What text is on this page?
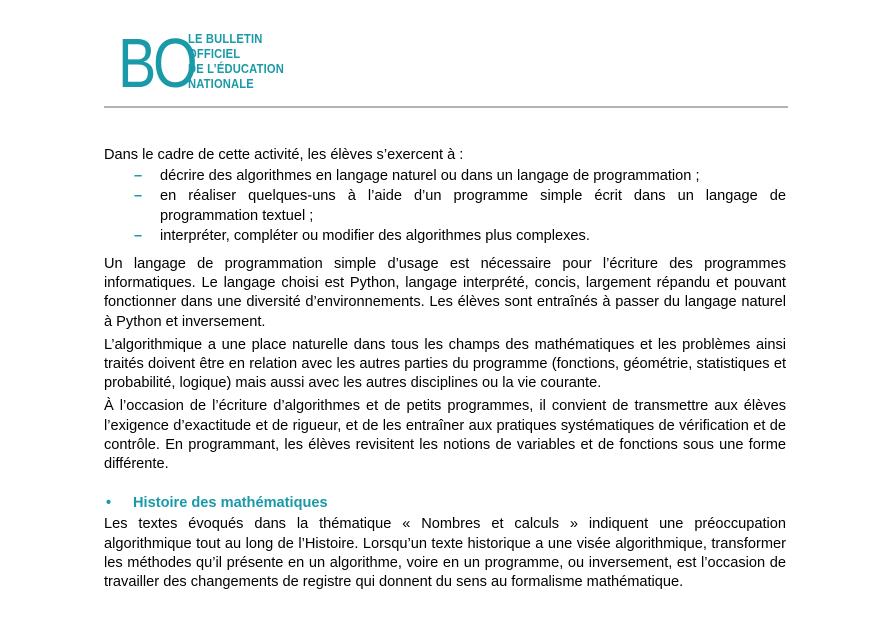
BO
LE BULLETIN
OFFICIEL
DE L’ÉDUCATION
NATIONALE

Dans le cadre de cette activité, les élèves s’exercent à :

– décrire des algorithmes en langage naturel ou dans un langage de programmation ;
– en réaliser quelques-uns à l’aide d’un programme simple écrit dans un langage de programmation textuel ;
– interpréter, compléter ou modifier des algorithmes plus complexes.

Un langage de programmation simple d’usage est nécessaire pour l’écriture des programmes informatiques. Le langage choisi est Python, langage interprété, concis, largement répandu et pouvant fonctionner dans une diversité d’environnements. Les élèves sont entraînés à passer du langage naturel à Python et inversement.

L’algorithmique a une place naturelle dans tous les champs des mathématiques et les problèmes ainsi traités doivent être en relation avec les autres parties du programme (fonctions, géométrie, statistiques et probabilité, logique) mais aussi avec les autres disciplines ou la vie courante.

À l’occasion de l’écriture d’algorithmes et de petits programmes, il convient de transmettre aux élèves l’exigence d’exactitude et de rigueur, et de les entraîner aux pratiques systématiques de vérification et de contrôle. En programmant, les élèves revisitent les notions de variables et de fonctions sous une forme différente.

• Histoire des mathématiques

Les textes évoqués dans la thématique « Nombres et calculs » indiquent une préoccupation algorithmique tout au long de l’Histoire. Lorsqu’un texte historique a une visée algorithmique, transformer les méthodes qu’il présente en un algorithme, voire en un programme, ou inversement, est l’occasion de travailler des changements de registre qui donnent du sens au formalisme mathématique.
